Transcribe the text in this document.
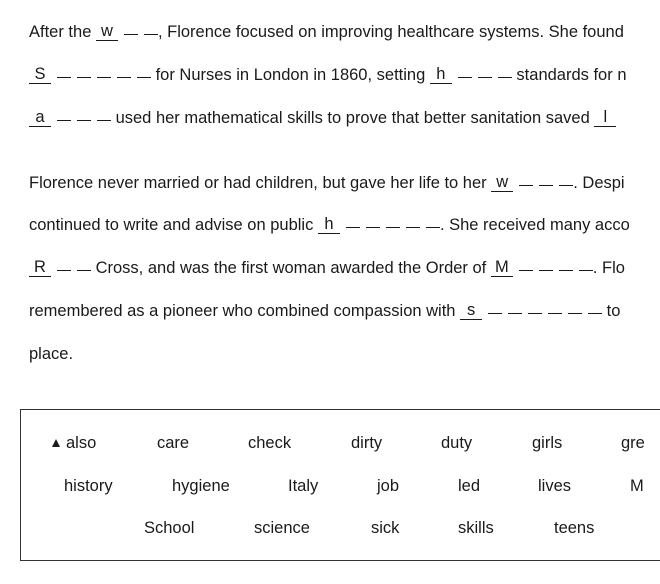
After the w	, Florence focused on improving healthcare systems. She found
S	for Nurses in London in 1860, setting h	standards for n
a	used her mathematical skills to prove that better sanitation saved l
Florence never married or had children, but gave her life to her w	. Despi
continued to write and advise on public h	. She received many acco
R	Cross, and was the first woman awarded the Order of M	. Flo
remembered as a pioneer who combined compassion with s	to
place.
also	care	check	dirty	duty	girls	gre
history	hygiene	Italy	job	led	lives	M
School	science	sick	skills	teens
